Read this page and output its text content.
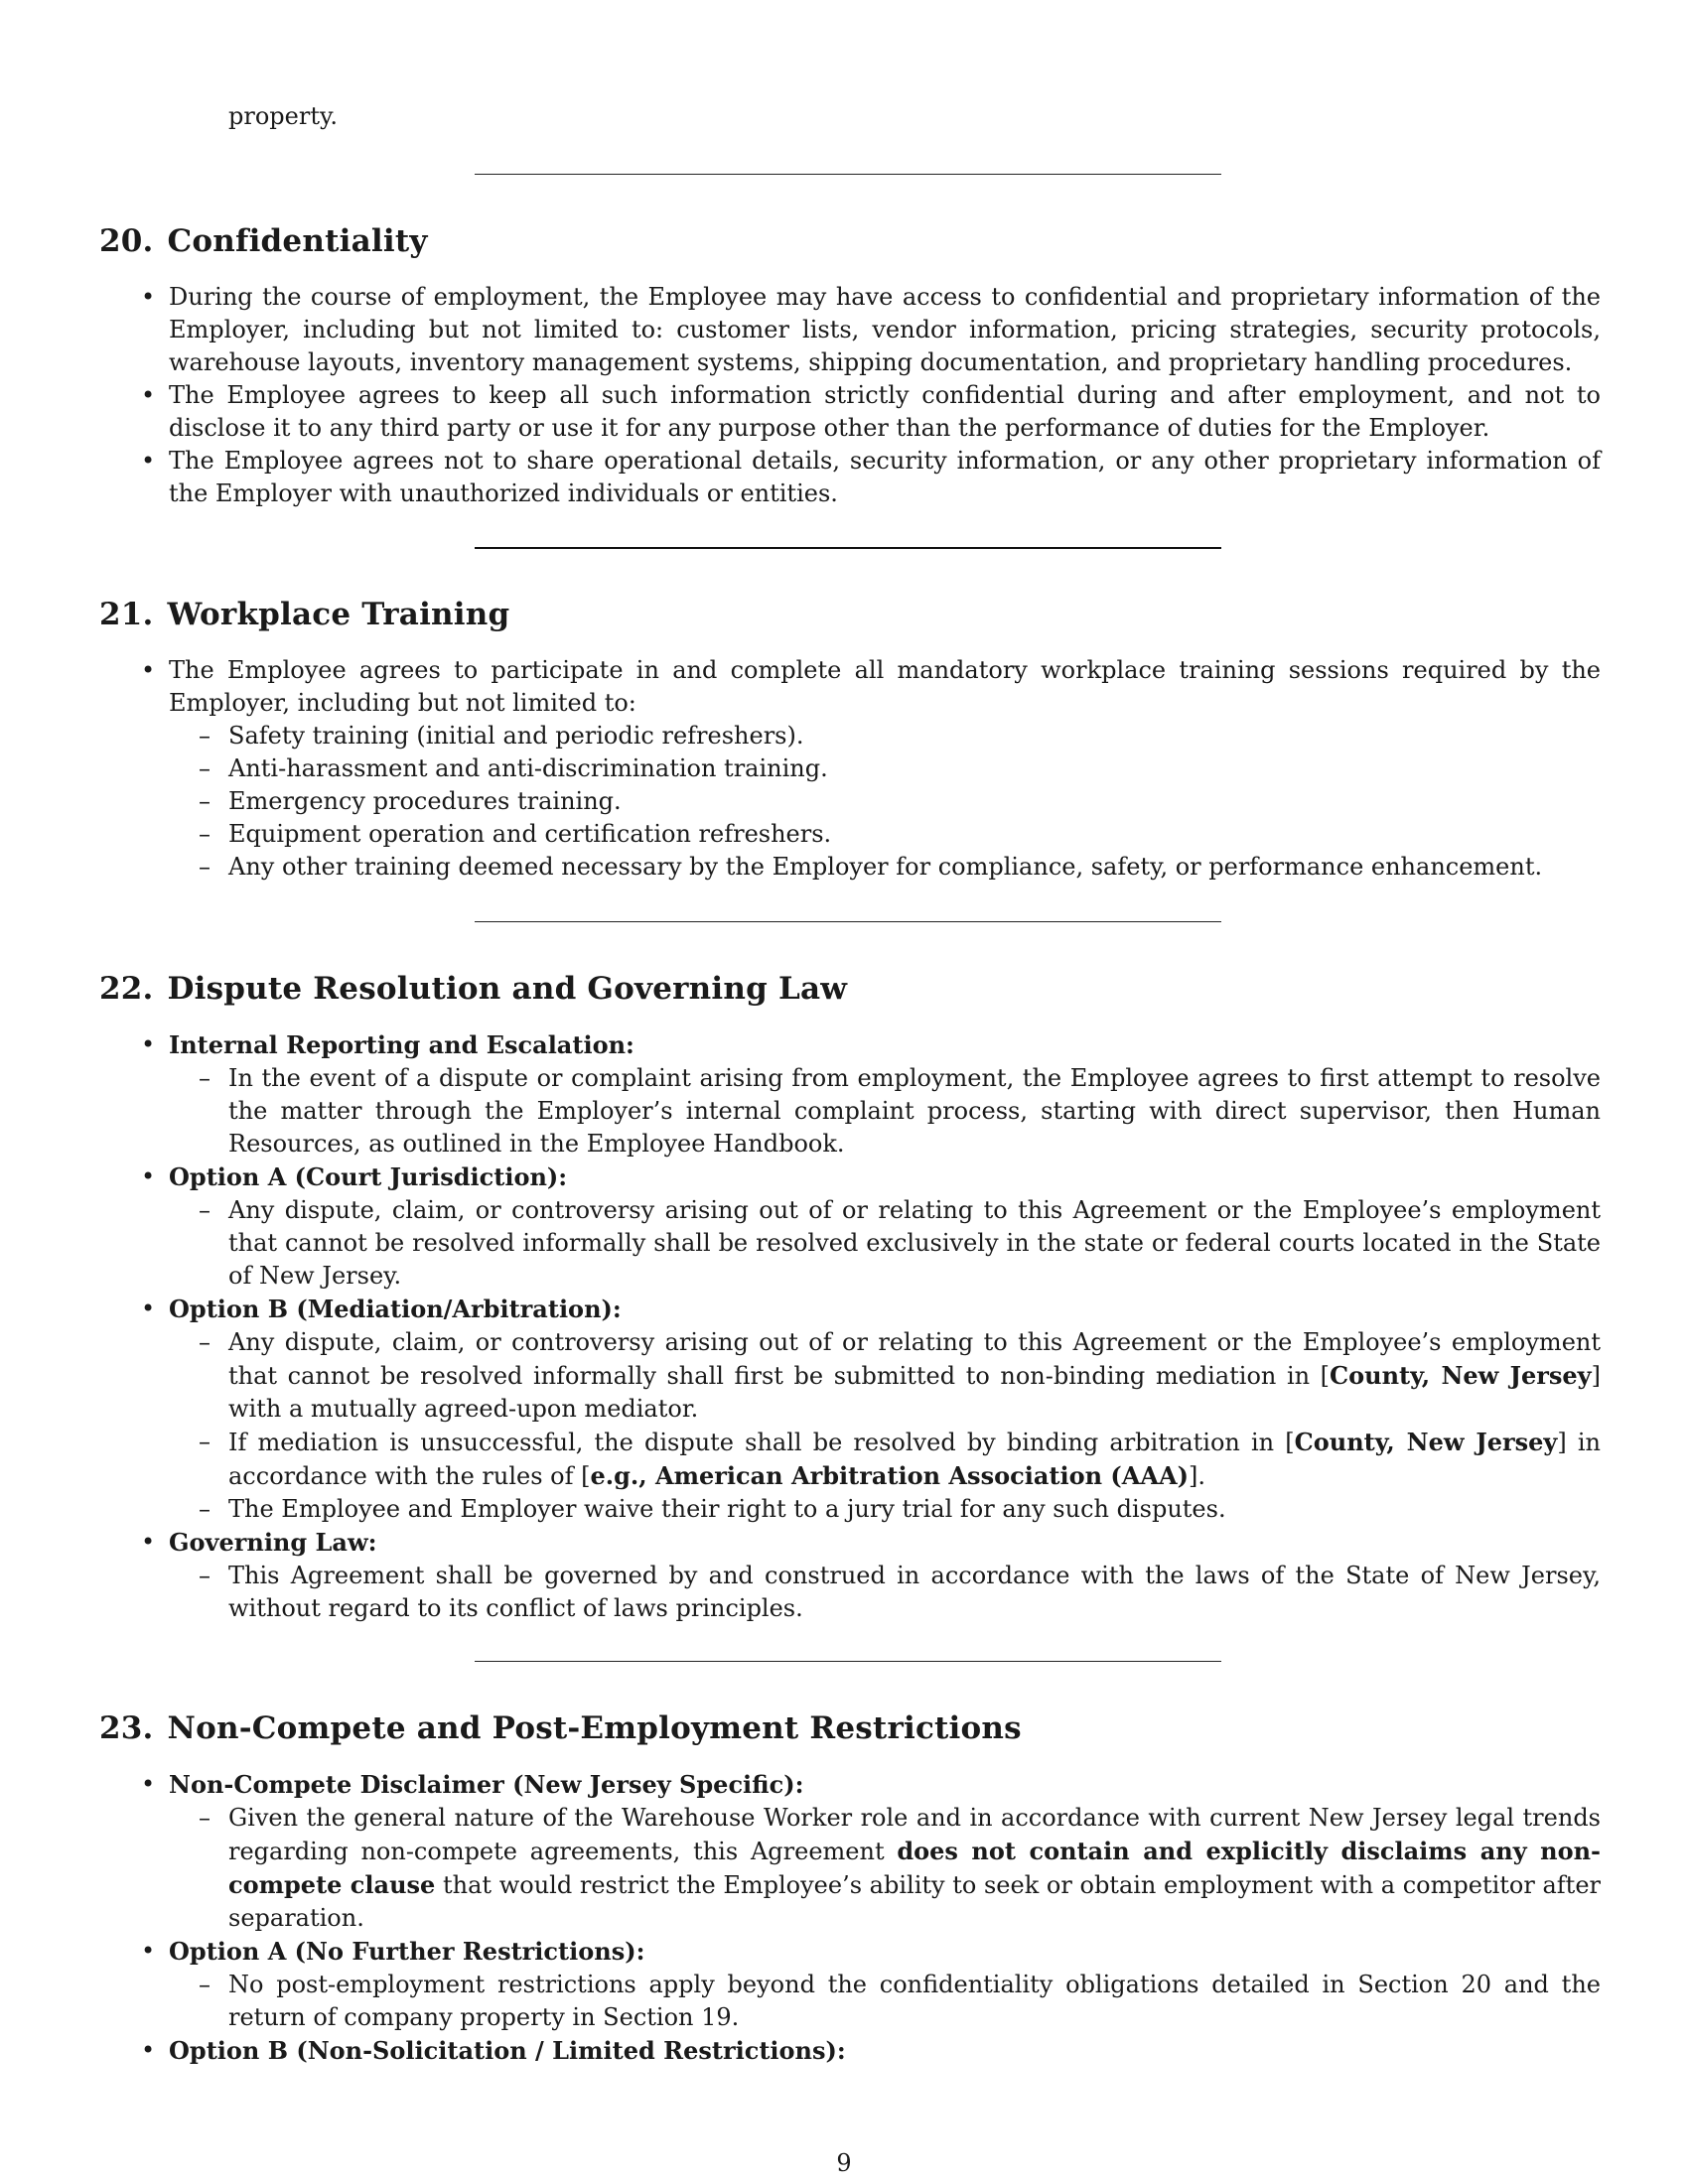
property.
20. Confidentiality
• During the course of employment, the Employee may have access to confidential and proprietary information of the Employer, including but not limited to: customer lists, vendor information, pricing strategies, security protocols, warehouse layouts, inventory management systems, shipping documentation, and proprietary handling procedures.
• The Employee agrees to keep all such information strictly confidential during and after employment, and not to disclose it to any third party or use it for any purpose other than the performance of duties for the Employer.
• The Employee agrees not to share operational details, security information, or any other proprietary information of the Employer with unauthorized individuals or entities.
21. Workplace Training
• The Employee agrees to participate in and complete all mandatory workplace training sessions required by the Employer, including but not limited to:
– Safety training (initial and periodic refreshers).
– Anti-harassment and anti-discrimination training.
– Emergency procedures training.
– Equipment operation and certification refreshers.
– Any other training deemed necessary by the Employer for compliance, safety, or performance enhancement.
22. Dispute Resolution and Governing Law
• Internal Reporting and Escalation:
– In the event of a dispute or complaint arising from employment, the Employee agrees to first attempt to resolve the matter through the Employer’s internal complaint process, starting with direct supervisor, then Human Resources, as outlined in the Employee Handbook.
• Option A (Court Jurisdiction):
– Any dispute, claim, or controversy arising out of or relating to this Agreement or the Employee’s employment that cannot be resolved informally shall be resolved exclusively in the state or federal courts located in the State of New Jersey.
• Option B (Mediation/Arbitration):
– Any dispute, claim, or controversy arising out of or relating to this Agreement or the Employee’s employment that cannot be resolved informally shall first be submitted to non-binding mediation in [County, New Jersey] with a mutually agreed-upon mediator.
– If mediation is unsuccessful, the dispute shall be resolved by binding arbitration in [County, New Jersey] in accordance with the rules of [e.g., American Arbitration Association (AAA)].
– The Employee and Employer waive their right to a jury trial for any such disputes.
• Governing Law:
– This Agreement shall be governed by and construed in accordance with the laws of the State of New Jersey, without regard to its conflict of laws principles.
23. Non-Compete and Post-Employment Restrictions
• Non-Compete Disclaimer (New Jersey Specific):
– Given the general nature of the Warehouse Worker role and in accordance with current New Jersey legal trends regarding non-compete agreements, this Agreement does not contain and explicitly disclaims any non-compete clause that would restrict the Employee’s ability to seek or obtain employment with a competitor after separation.
• Option A (No Further Restrictions):
– No post-employment restrictions apply beyond the confidentiality obligations detailed in Section 20 and the return of company property in Section 19.
• Option B (Non-Solicitation / Limited Restrictions):
9
